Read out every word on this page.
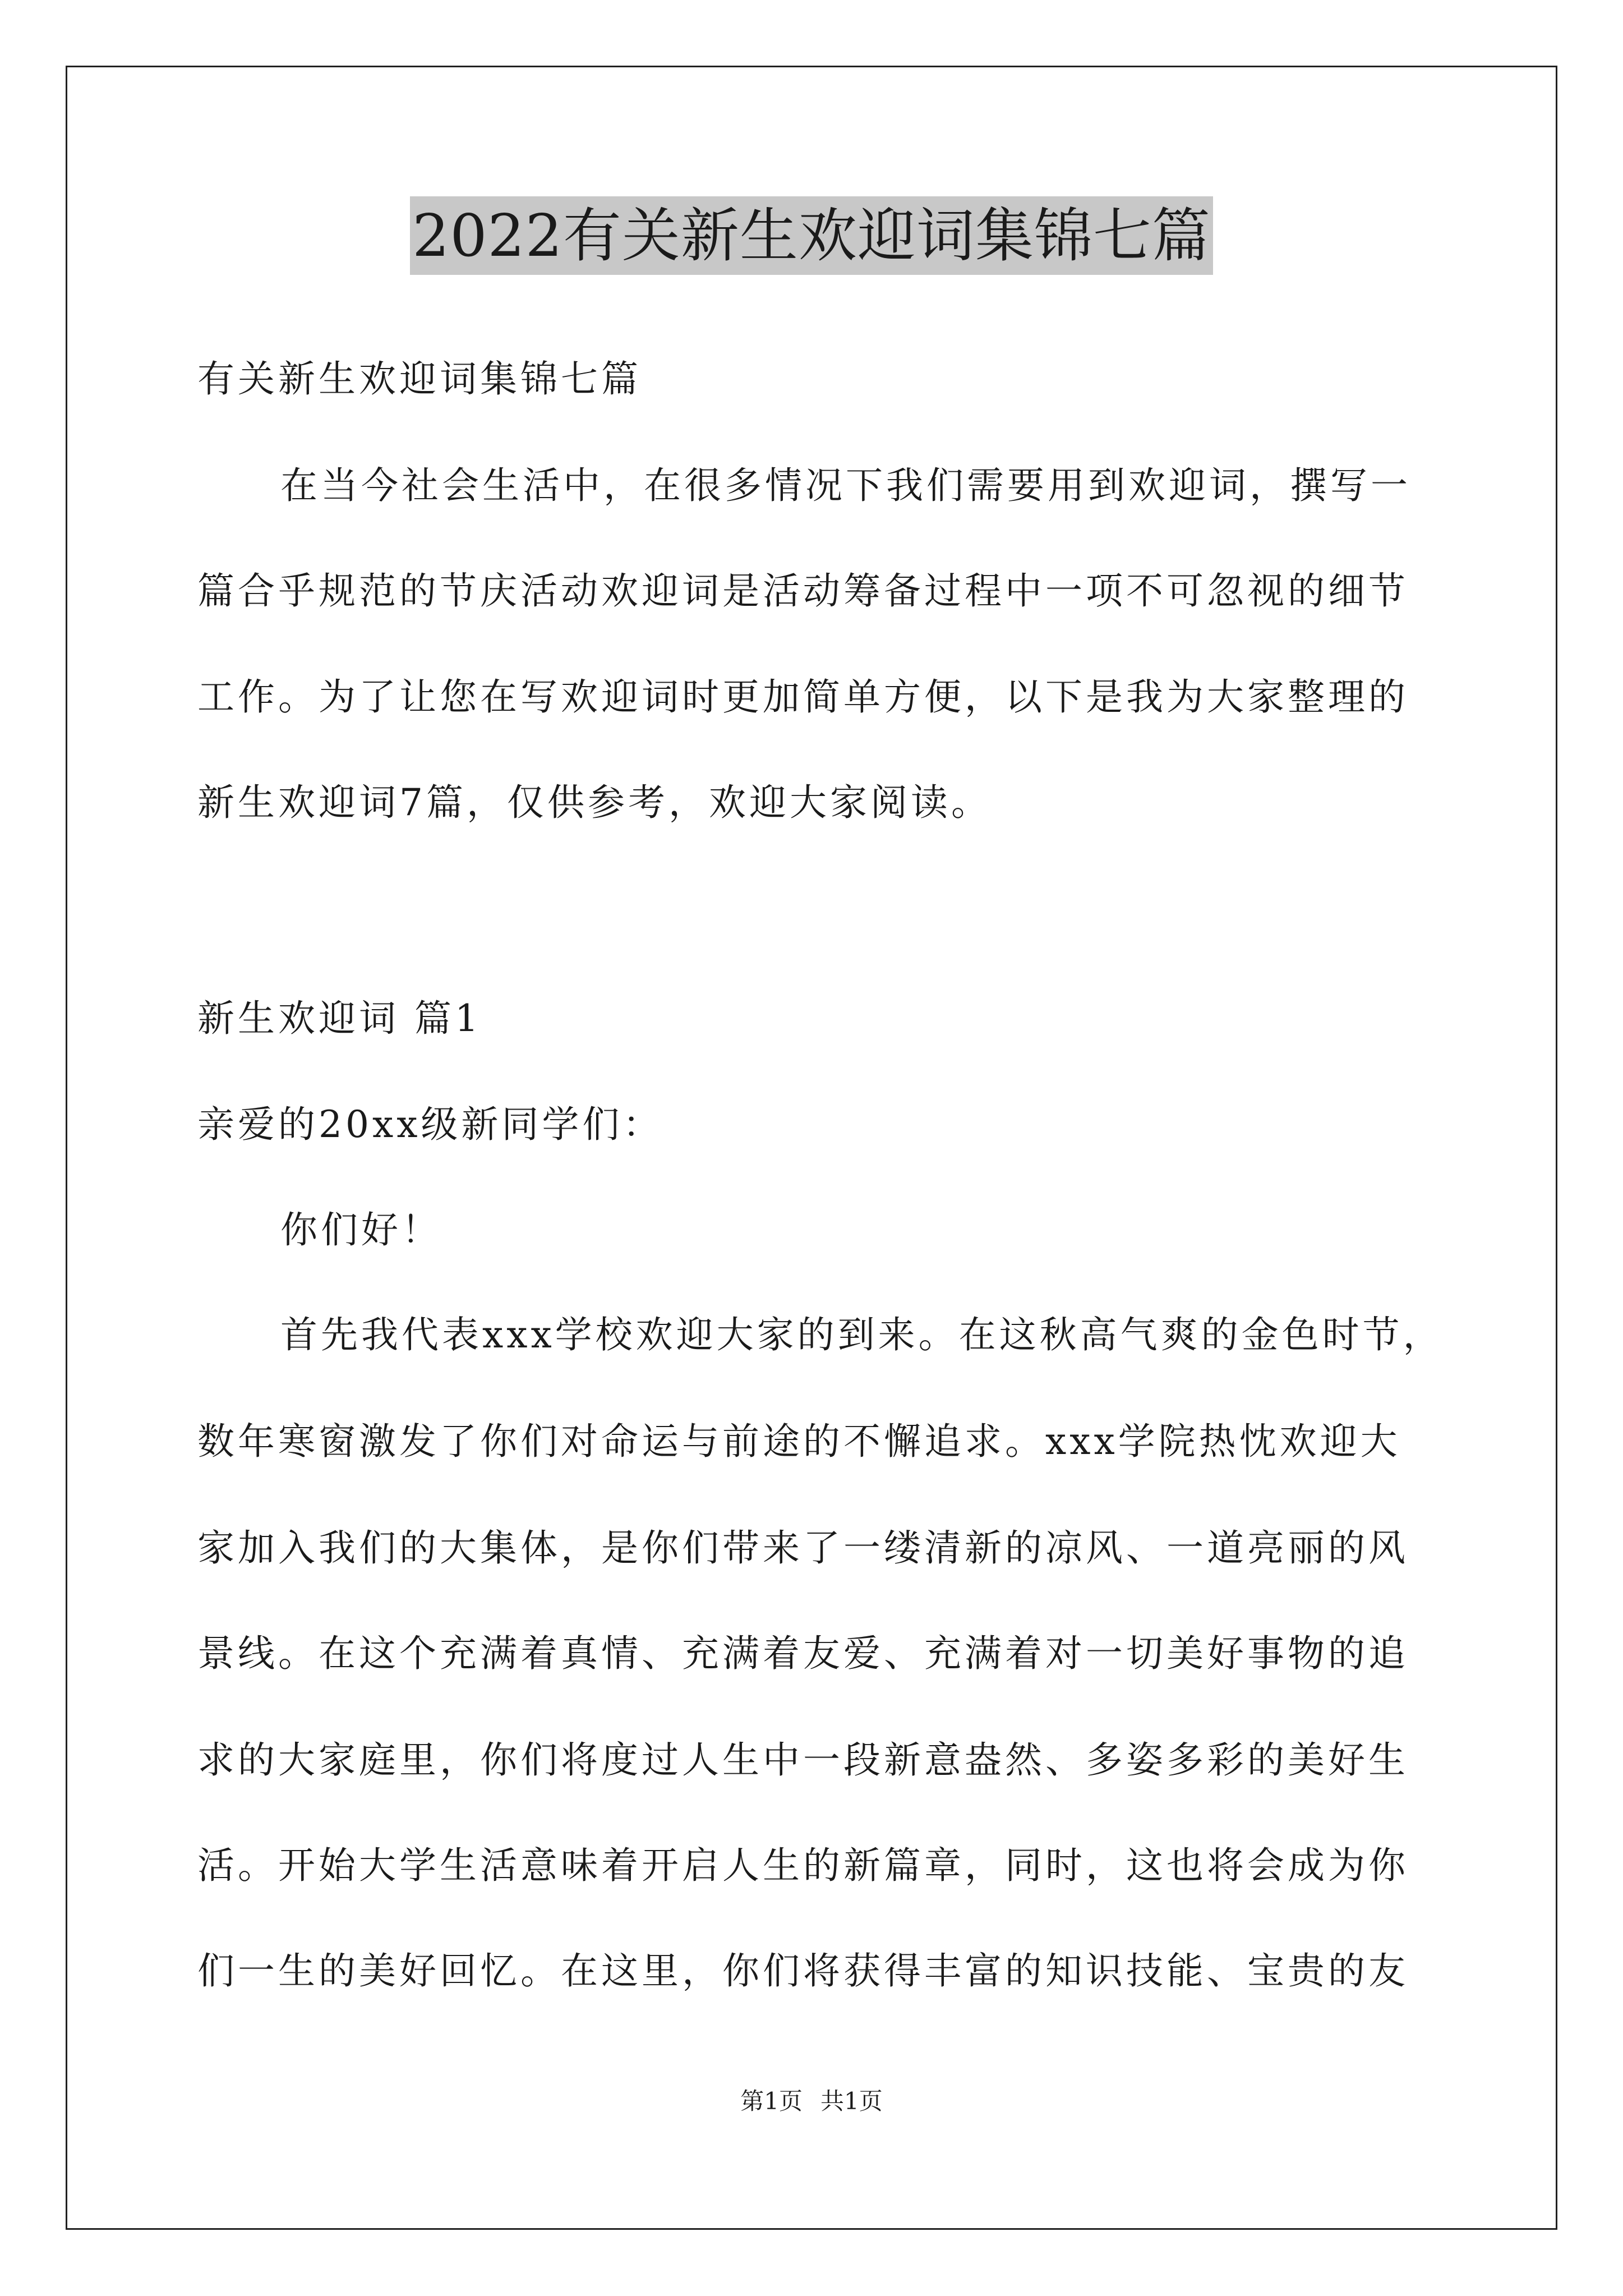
2022有关新生欢迎词集锦七篇
有关新生欢迎词集锦七篇
在当今社会生活中，在很多情况下我们需要用到欢迎词，撰写一
篇合乎规范的节庆活动欢迎词是活动筹备过程中一项不可忽视的细节
工作。为了让您在写欢迎词时更加简单方便，以下是我为大家整理的
新生欢迎词7篇，仅供参考，欢迎大家阅读。
新生欢迎词 篇1
亲爱的20xx级新同学们：
你们好！
首先我代表xxx学校欢迎大家的到来。在这秋高气爽的金色时节，
数年寒窗激发了你们对命运与前途的不懈追求。xxx学院热忱欢迎大
家加入我们的大集体，是你们带来了一缕清新的凉风、一道亮丽的风
景线。在这个充满着真情、充满着友爱、充满着对一切美好事物的追
求的大家庭里，你们将度过人生中一段新意盎然、多姿多彩的美好生
活。开始大学生活意味着开启人生的新篇章，同时，这也将会成为你
们一生的美好回忆。在这里，你们将获得丰富的知识技能、宝贵的友
第1页 共1页
